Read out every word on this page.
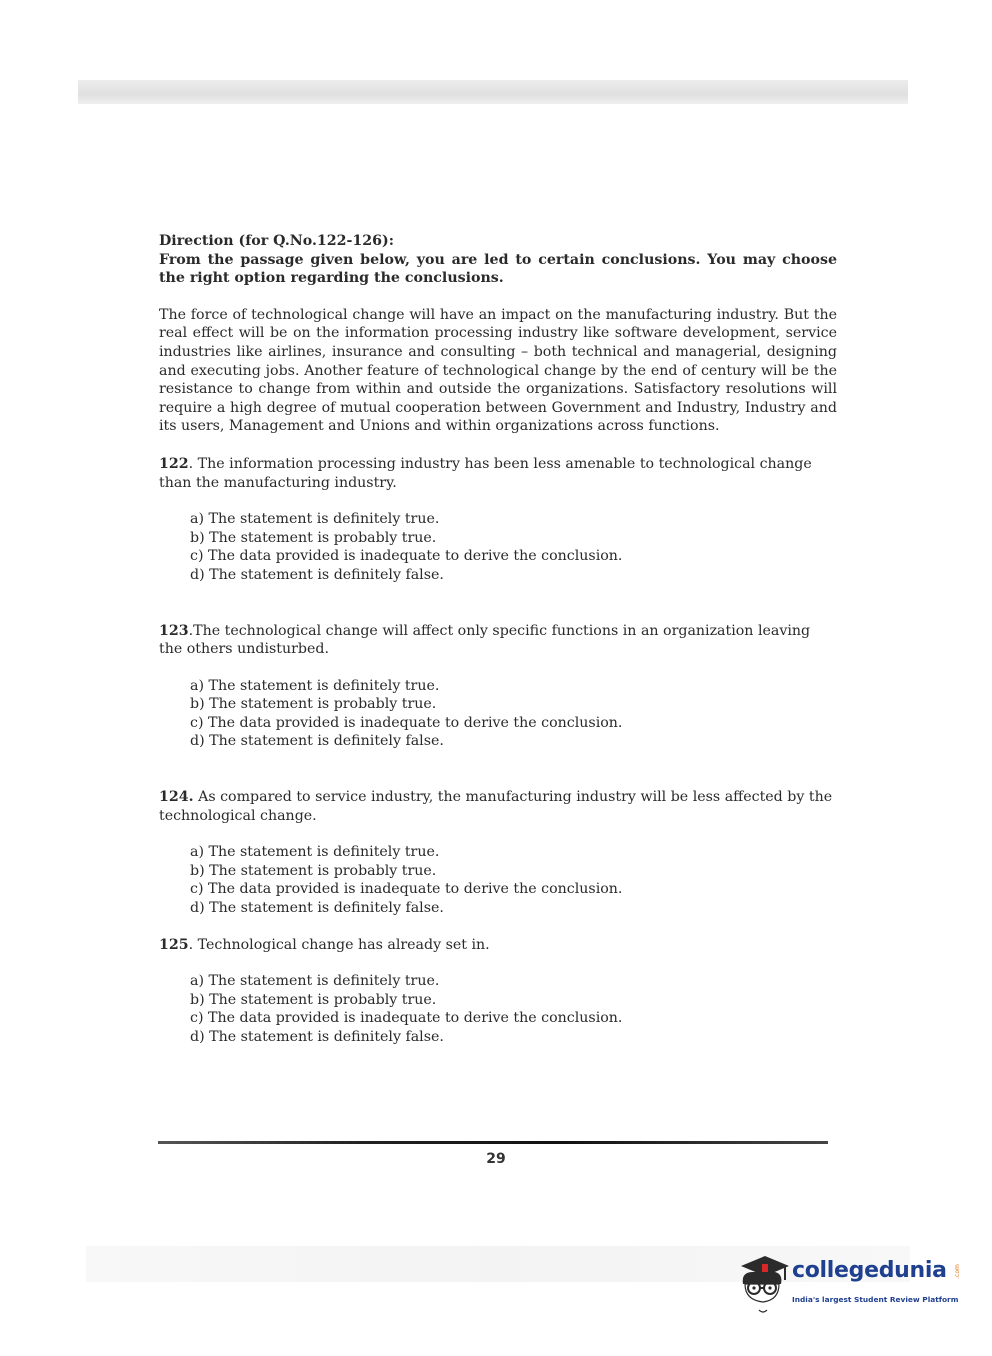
Direction (for Q.No.122-126):

From the passage given below, you are led to certain conclusions. You may choose the right option regarding the conclusions.

The force of technological change will have an impact on the manufacturing industry. But the real effect will be on the information processing industry like software development, service industries like airlines, insurance and consulting – both technical and managerial, designing and executing jobs. Another feature of technological change by the end of century will be the resistance to change from within and outside the organizations. Satisfactory resolutions will require a high degree of mutual cooperation between Government and Industry, Industry and its users, Management and Unions and within organizations across functions.

122. The information processing industry has been less amenable to technological change than the manufacturing industry.

a) The statement is definitely true.
b) The statement is probably true.
c) The data provided is inadequate to derive the conclusion.
d) The statement is definitely false.

123.The technological change will affect only specific functions in an organization leaving the others undisturbed.

a) The statement is definitely true.
b) The statement is probably true.
c) The data provided is inadequate to derive the conclusion.
d) The statement is definitely false.

124. As compared to service industry, the manufacturing industry will be less affected by the technological change.

a) The statement is definitely true.
b) The statement is probably true.
c) The data provided is inadequate to derive the conclusion.
d) The statement is definitely false.

125. Technological change has already set in.

a) The statement is definitely true.
b) The statement is probably true.
c) The data provided is inadequate to derive the conclusion.
d) The statement is definitely false.
29
collegedunia .com
India's largest Student Review Platform
